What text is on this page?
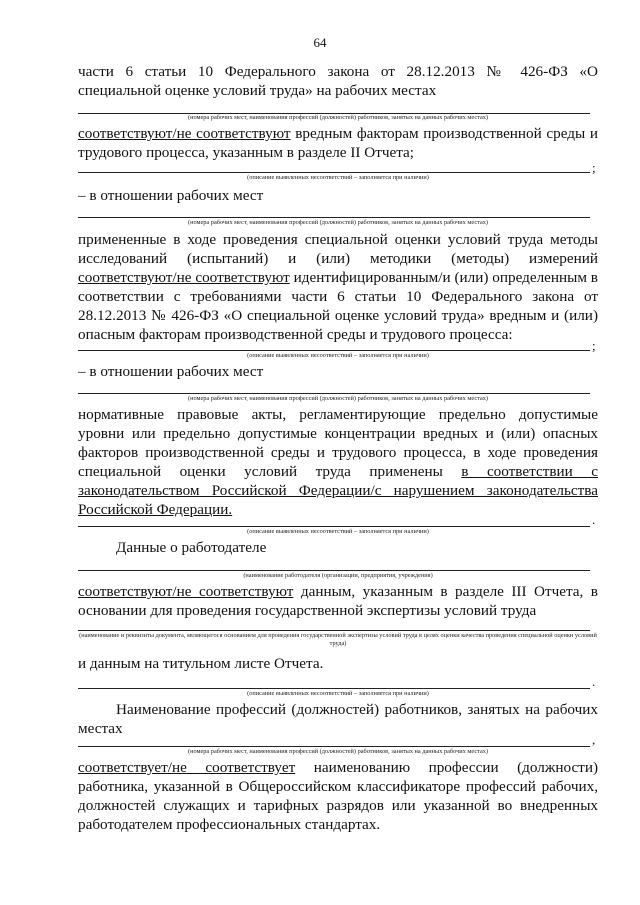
64
части 6 статьи 10 Федерального закона от 28.12.2013 № 426-ФЗ «О специальной оценке условий труда» на рабочих местах
(номера рабочих мест, наименования профессий (должностей) работников, занятых на данных рабочих местах)
соответствуют/не соответствуют вредным факторам производственной среды и трудового процесса, указанным в разделе II Отчета;
;
(описание выявленных несоответствий – заполняется при наличии)
– в отношении рабочих мест
(номера рабочих мест, наименования профессий (должностей) работников, занятых на данных рабочих местах)
примененные в ходе проведения специальной оценки условий труда методы исследований (испытаний) и (или) методики (методы) измерений соответствуют/не соответствуют идентифицированным/и (или) определенным в соответствии с требованиями части 6 статьи 10 Федерального закона от 28.12.2013 № 426-ФЗ «О специальной оценке условий труда» вредным и (или) опасным факторам производственной среды и трудового процесса:
;
(описание выявленных несоответствий – заполняется при наличии)
– в отношении рабочих мест
(номера рабочих мест, наименования профессий (должностей) работников, занятых на данных рабочих местах)
нормативные правовые акты, регламентирующие предельно допустимые уровни или предельно допустимые концентрации вредных и (или) опасных факторов производственной среды и трудового процесса, в ходе проведения специальной оценки условий труда применены в соответствии с законодательством Российской Федерации/с нарушением законодательства Российской Федерации.
.
(описание выявленных несоответствий – заполняется при наличии)
Данные о работодателе
(наименование работодателя (организации, предприятия, учреждения)
соответствуют/не соответствуют данным, указанным в разделе III Отчета, в основании для проведения государственной экспертизы условий труда
(наименование и реквизиты документа, являющегося основанием для проведения государственной экспертизы условий труда в целях оценки качества проведения специальной оценки условий труда)
и данным на титульном листе Отчета.
.
(описание выявленных несоответствий – заполняется при наличии)
Наименование профессий (должностей) работников, занятых на рабочих местах
,
(номера рабочих мест, наименования профессий (должностей) работников, занятых на данных рабочих местах)
соответствует/не соответствует наименованию профессии (должности) работника, указанной в Общероссийском классификаторе профессий рабочих, должностей служащих и тарифных разрядов или указанной во внедренных работодателем профессиональных стандартах.
